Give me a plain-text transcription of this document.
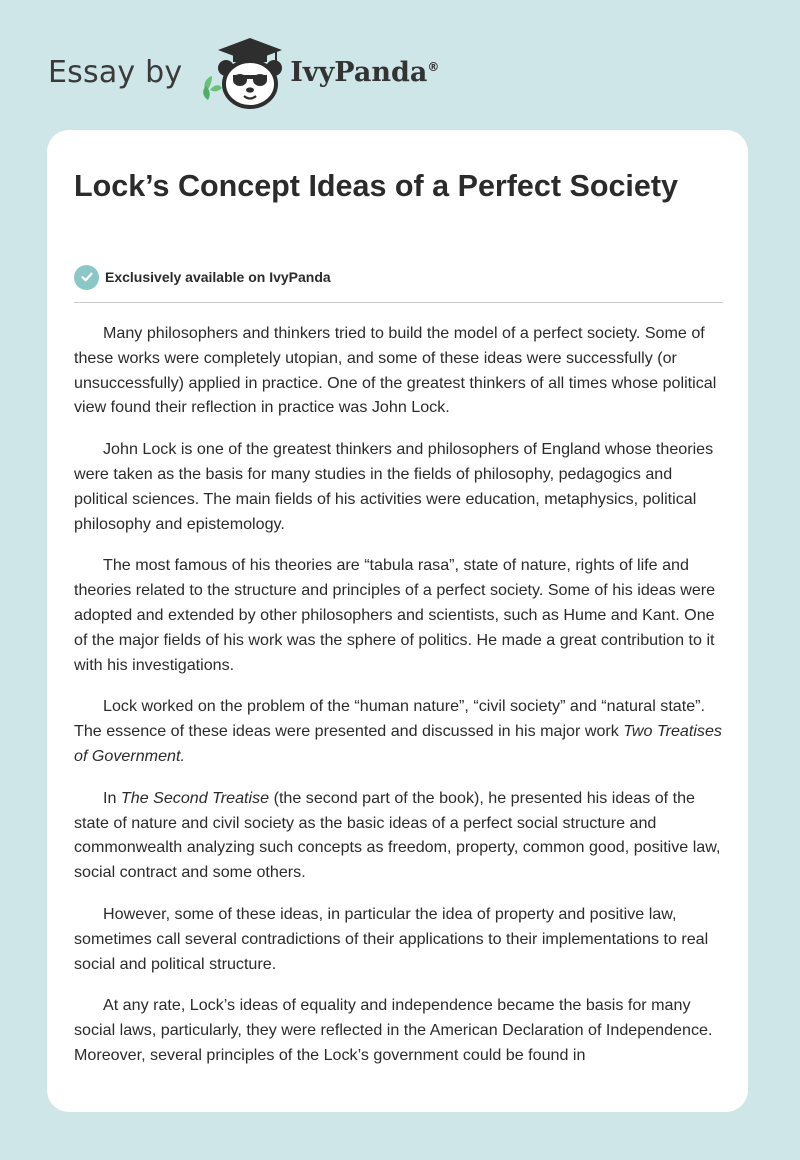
Essay by	IvyPanda®
Lock’s Concept Ideas of a Perfect Society
Exclusively available on IvyPanda

Many philosophers and thinkers tried to build the model of a perfect society. Some of these works were completely utopian, and some of these ideas were successfully (or unsuccessfully) applied in practice. One of the greatest thinkers of all times whose political view found their reflection in practice was John Lock.

John Lock is one of the greatest thinkers and philosophers of England whose theories were taken as the basis for many studies in the fields of philosophy, pedagogics and political sciences. The main fields of his activities were education, metaphysics, political philosophy and epistemology.

The most famous of his theories are “tabula rasa”, state of nature, rights of life and theories related to the structure and principles of a perfect society. Some of his ideas were adopted and extended by other philosophers and scientists, such as Hume and Kant. One of the major fields of his work was the sphere of politics. He made a great contribution to it with his investigations.

Lock worked on the problem of the “human nature”, “civil society” and “natural state”. The essence of these ideas were presented and discussed in his major work Two Treatises of Government.

In The Second Treatise (the second part of the book), he presented his ideas of the state of nature and civil society as the basic ideas of a perfect social structure and commonwealth analyzing such concepts as freedom, property, common good, positive law, social contract and some others.

However, some of these ideas, in particular the idea of property and positive law, sometimes call several contradictions of their applications to their implementations to real social and political structure.

At any rate, Lock’s ideas of equality and independence became the basis for many social laws, particularly, they were reflected in the American Declaration of Independence. Moreover, several principles of the Lock’s government could be found in
